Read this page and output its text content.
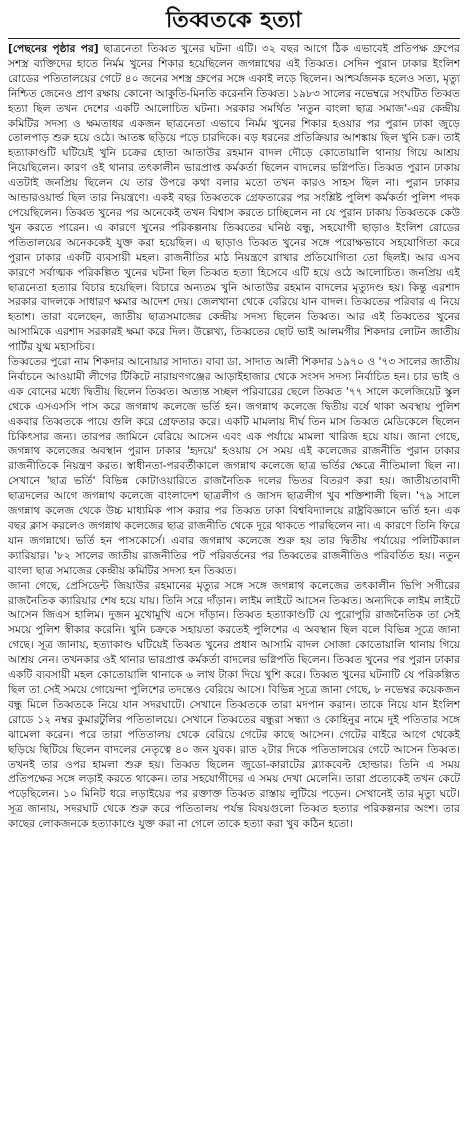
তিব্বতকে হত্যা

[পেছনের পৃষ্ঠার পর] ছাত্রনেতা তিব্বত খুনের ঘটনা এটি। ৩২ বছর আগে ঠিক এভাবেই প্রতিপক্ষ গ্রুপের সশস্ত্র ব্যক্তিদের হাতে নির্মম খুনের শিকার হয়েছিলেন জগন্নাথের এই তিব্বত। সেদিন পুরান ঢাকার ইংলিশ রোডের পতিতালয়ের গেটে ৪০ জনের সশস্ত্র গ্রুপের সঙ্গে একাই লড়ে ছিলেন। আশ্চর্যজনক হলেও সত্য, মৃত্যু নিশ্চিত জেনেও প্রাণ রক্ষায় কোনো আকুতি-মিনতি করেননি তিব্বত। ১৯৮৩ সালের নভেম্বরে সংঘটিত তিব্বত হত্যা ছিল তখন দেশের একটি আলোচিত ঘটনা। সরকার সমর্থিত 'নতুন বাংলা ছাত্র সমাজ'-এর কেন্দ্রীয় কমিটির সদস্য ও ক্ষমতাধর একজন ছাত্রনেতা এভাবে নির্মম খুনের শিকার হওয়ার পর পুরান ঢাকা জুড়ে তোলপাড় শুরু হয়ে ওঠে। আতঙ্ক ছড়িয়ে পড়ে চারদিকে। বড় ধরনের প্রতিক্রিয়ার আশঙ্কায় ছিল খুনি চক্র। তাই হত্যাকাণ্ডটি ঘটিয়েই খুনি চক্রের হোতা আতাউর রহমান বাদল দৌড়ে কোতোয়ালি থানায় গিয়ে আশ্রয় নিয়েছিলেন। কারণ ওই থানার তৎকালীন ভারপ্রাপ্ত কর্মকর্তা ছিলেন বাদলের ভগ্নিপতি। তিব্বত পুরান ঢাকায় এতটাই জনপ্রিয় ছিলেন যে তার উপরে কথা বলার মতো তখন কারও সাহস ছিল না। পুরান ঢাকার আন্ডারওয়ার্ল্ড ছিল তার নিয়ন্ত্রণে। একই বছর তিব্বতকে গ্রেফতারের পর সংশ্লিষ্ট পুলিশ কর্মকর্তা পুলিশ পদক পেয়েছিলেন। তিব্বত খুনের পর অনেকেই তখন বিশ্বাস করতে চাচ্ছিলেন না যে পুরান ঢাকায় তিব্বতকে কেউ খুন করতে পারেন। এ কারণে খুনের পরিকল্পনায় তিব্বতের ঘনিষ্ঠ বন্ধু, সহযোগী ছাড়াও ইংলিশ রোডের পতিতালয়ের অনেককেই যুক্ত করা হয়েছিল। এ ছাড়াও তিব্বত খুনের সঙ্গে পরোক্ষভাবে সহযোগিতা করে পুরান ঢাকার একটি ব্যবসায়ী মহল। রাজনীতির মাঠ নিয়ন্ত্রণে রাখার প্রতিযোগিতা তো ছিলই। আর এসব কারণে সর্বাত্মক পরিকল্পিত খুনের ঘটনা ছিল তিব্বত হত্যা হিসেবে এটি হয়ে ওঠে আলোচিত। জনপ্রিয় এই ছাত্রনেতা হত্যার বিচার হয়েছিল। বিচারে অন্যতম খুনি আতাউর রহমান বাদলের মৃত্যুদণ্ড হয়। কিন্তু এরশাদ সরকার বাদলকে সাধারণ ক্ষমার আদেশ দেয়। জেলখানা থেকে বেরিয়ে যান বাদল। তিব্বতের পরিবার এ নিয়ে হতাশ। তারা বলেছেন, জাতীয় ছাত্রসমাজের কেন্দ্রীয় সদস্য ছিলেন তিব্বত। আর এই তিব্বতের খুনের আসামিকে এরশাদ সরকারই ক্ষমা করে দিল। উল্লেখ্য, তিব্বতের ছোট ভাই আলমগীর শিকদার লোটন জাতীয় পার্টির যুগ্ম মহাসচিব।

তিব্বতের পুরো নাম শিকদার আনোয়ার সাদাত। বাবা ডা. সাদাত আলী শিকদার ১৯৭০ ও '৭৩ সালের জাতীয় নির্বাচনে আওয়ামী লীগের টিকিটে নারায়ণগঞ্জের আড়াইহাজার থেকে সংসদ সদস্য নির্বাচিত হন। চার ভাই ও এক বোনের মধ্যে দ্বিতীয় ছিলেন তিব্বত। অত্যন্ত সচ্ছল পরিবারের ছেলে তিব্বত '৭৭ সালে কলেজিয়েট স্কুল থেকে এসএসসি পাস করে জগন্নাথ কলেজে ভর্তি হন। জগন্নাথ কলেজে দ্বিতীয় বর্ষে থাকা অবস্থায় পুলিশ একবার তিব্বতকে পায়ে গুলি করে গ্রেফতার করে। একটি মামলায় দীর্ঘ তিন মাস তিব্বত মেডিকেলে ছিলেন চিকিৎসার জন্য। তারপর জামিনে বেরিয়ে আসেন এবং এক পর্যায়ে মামলা খারিজ হয়ে যায়। জানা গেছে, জগন্নাথ কলেজের অবস্থান পুরান ঢাকার 'হৃদয়ে' হওয়ায় সে সময় এই কলেজের রাজনীতি পুরান ঢাকার রাজনীতিকে নিয়ন্ত্রণ করত। স্বাধীনতা-পরবর্তীকালে জগন্নাথ কলেজে ছাত্র ভর্তির ক্ষেত্রে নীতিমালা ছিল না। সেখানে 'ছাত্র ভর্তি' বিভিন্ন কোটাওয়ারিতে রাজনৈতিক দলের ভিতর বিতরণ করা হয়। জাতীয়তাবাদী ছাত্রদলের আগে জগন্নাথ কলেজে বাংলাদেশ ছাত্রলীগ ও জাসদ ছাত্রলীগ খুব শক্তিশালী ছিল। '৭৯ সালে জগন্নাথ কলেজ থেকে উচ্চ মাধ্যমিক পাস করার পর তিব্বত ঢাকা বিশ্ববিদ্যালয়ে রাষ্ট্রবিজ্ঞানে ভর্তি হন। এক বছর ক্লাস করলেও জগন্নাথ কলেজের ছাত্র রাজনীতি থেকে দূরে থাকতে পারছিলেন না। এ কারণে তিনি ফিরে যান জগন্নাথে। ভর্তি হন পাসকোর্সে। এবার জগন্নাথ কলেজে শুরু হয় তার দ্বিতীয় পর্যায়ের পলিটিক্যাল ক্যারিয়ার। '৮২ সালের জাতীয় রাজনীতির পট পরিবর্তনের পর তিব্বতের রাজনীতিও পরিবর্তিত হয়। নতুন বাংলা ছাত্র সমাজের কেন্দ্রীয় কমিটির সদস্য হন তিব্বত।

জানা গেছে, প্রেসিডেন্ট জিয়াউর রহমানের মৃত্যুর সঙ্গে সঙ্গে জগন্নাথ কলেজের তৎকালীন ভিপি সগীরের রাজনৈতিক ক্যারিয়ার শেষ হয়ে যায়। তিনি সরে দাঁড়ান। লাইম লাইটে আসেন তিব্বত। অন্যদিকে লাইম লাইটে আসেন জিএস হালিম। দুজন মুখোমুখি এসে দাঁড়ান। তিব্বত হত্যাকাণ্ডটি যে পুরোপুরি রাজনৈতিক তা সেই সময়ে পুলিশ স্বীকার করেনি। খুনি চক্রকে সহায়তা করতেই পুলিশের এ অবস্থান ছিল বলে বিভিন্ন সূত্রে জানা গেছে। সূত্র জানায়, হত্যাকাণ্ড ঘটিয়েই তিব্বত খুনের প্রধান আসামি বাদল সোজা কোতোয়ালি থানায় গিয়ে আশ্রয় নেন। তখনকার ওই থানার ভারপ্রাপ্ত কর্মকর্তা বাদলের ভগ্নিপতি ছিলেন। তিব্বত খুনের পর পুরান ঢাকার একটি ব্যবসায়ী মহল কোতোয়ালি থানাকে ৬ লাখ টাকা দিয়ে খুশি করে। তিব্বত খুনের ঘটনাটি যে পরিকল্পিত ছিল তা সেই সময়ে গোয়েন্দা পুলিশের তদন্তেও বেরিয়ে আসে। বিভিন্ন সূত্রে জানা গেছে, ৮ নভেম্বর কয়েকজন বন্ধু মিলে তিব্বতকে নিয়ে যান সদরঘাটে। সেখানে তিব্বতকে তারা মদপান করান। তাকে নিয়ে যান ইংলিশ রোডে ১২ নম্বর কুমারটুলির পতিতালয়ে। সেখানে তিব্বতের বন্ধুরা সন্ধ্যা ও কোহিনুর নামে দুই পতিতার সঙ্গে ঝামেলা করেন। পরে তারা পতিতালয় থেকে বেরিয়ে গেটের কাছে আসেন। গেটের বাইরে আগে থেকেই ছড়িয়ে ছিটিয়ে ছিলেন বাদলের নেতৃত্বে ৪০ জন যুবক। রাত ২টার দিকে পতিতালয়ের গেটে আসেন তিব্বত। তখনই তার ওপর হামলা শুরু হয়। তিব্বত ছিলেন জুডো-কারাটের ব্ল্যাকবেল্ট হোল্ডার। তিনি এ সময় প্রতিপক্ষের সঙ্গে লড়াই করতে থাকেন। তার সহযোগীদের এ সময় দেখা মেলেনি। তারা প্রত্যেকেই তখন কেটে পড়েছিলেন। ১০ মিনিট ধরে লড়াইয়ের পর রক্তাক্ত তিব্বত রাস্তায় লুটিয়ে পড়েন। সেখানেই তার মৃত্যু ঘটে। সূত্র জানায়, সদরঘাট থেকে শুরু করে পতিতালয় পর্যন্ত বিষয়গুলো তিব্বত হত্যার পরিকল্পনার অংশ। তার কাছের লোকজনকে হত্যাকাণ্ডে যুক্ত করা না গেলে তাকে হত্যা করা খুব কঠিন হতো।
